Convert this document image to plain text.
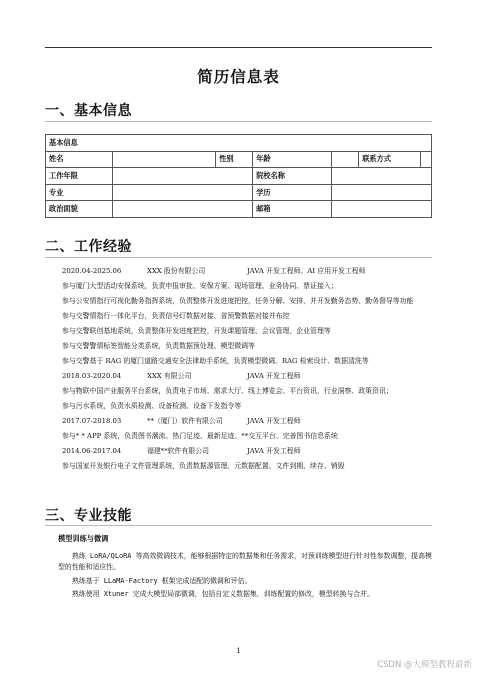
简历信息表
一、基本信息
基本信息						
姓名		性别	年龄		联系方式	
工作年限			院校名称			
专业			学历			
政治面貌			邮箱			
二、工作经验

2020.04-2025.06	XXX 股份有限公司	JAVA 开发工程师、AI 应用开发工程师

参与厦门大型活动安保系统，负责申报审批、安保方案、现场管理、业务协同、票证接入；

参与公安情指行可视化勤务指挥系统，负责整体开发进度把控，任务分解、安排，并开发勤务态势、勤务督导等功能

参与交警情指行一体化平台，负责信号灯数据对接、省预警数据对接并布控

参与交警联创基地系统，负责整体开发进度把控，开发课题管理、会议管理、企业管理等

参与交警警情标签智能分类系统，负责数据预处理、模型微调等

参与交警基于 RAG 的厦门道路交通安全法律助手系统，负责模型微调、RAG 检索设计、数据清洗等

2018.03-2020.04	XXX 有限公司	JAVA 开发工程师

参与物联中国产业服务平台系统，负责电子市场、需求大厅、线上博览会、平台资讯、行业洞察、政策资讯；

参与污水系统，负责水质检测、设备检测、设备下发指令等

2017.07-2018.03	**（厦门）软件有限公司	JAVA 开发工程师

参与* * APP 系统，负责图书潮流、热门足迹、最新足迹、**交互平台、完善图书信息系统

2014.06-2017.04	福建**软件有限公司	JAVA 开发工程师

参与国家开发银行电子文件管理系统，负责数据源管理、元数据配置、文件到期、续存、销毁

三、专业技能
模型训练与微调

熟练 LoRA/QLoRA 等高效微调技术，能够根据特定的数据集和任务需求，对预训练模型进行针对性参数调整，提高模型的性能和适应性。

熟练基于 LLaMA-Factory 框架完成适配的微调和评估。

熟练使用 Xtuner 完成大模型局部微调，包括自定义数据集，训练配置的修改，模型转换与合并。

1
CSDN @大模型教程最新
